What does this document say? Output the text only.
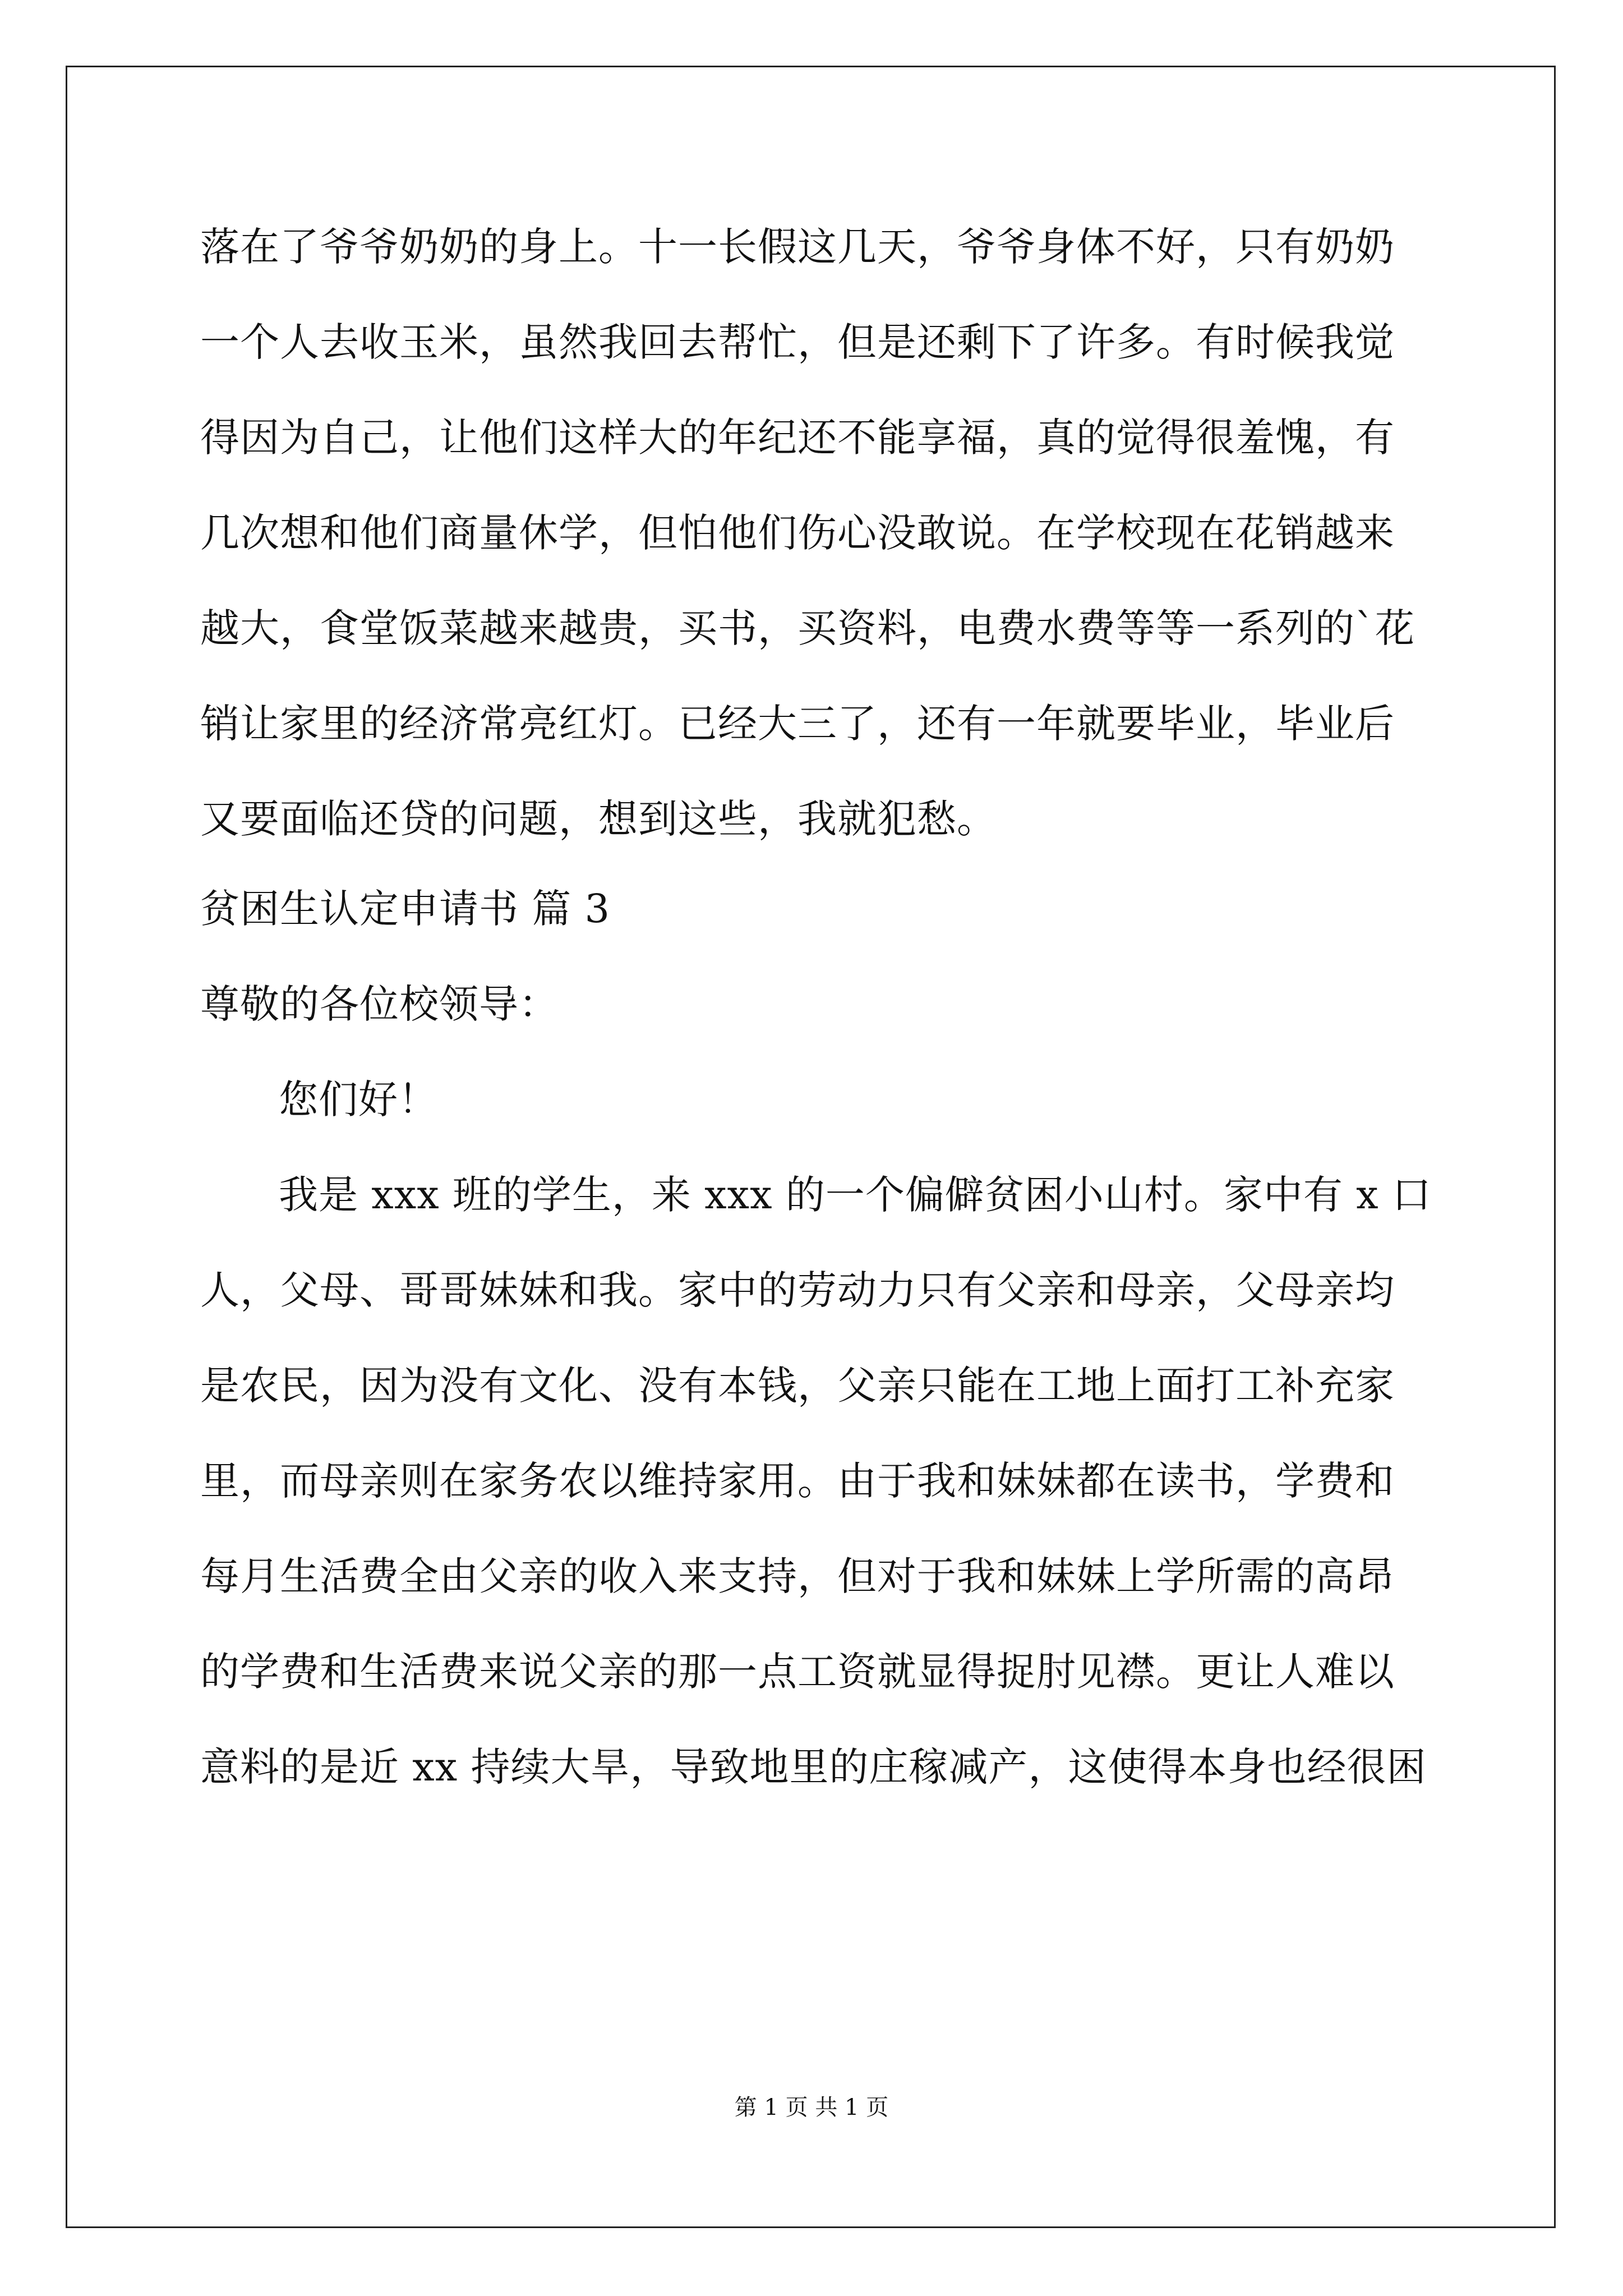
落在了爷爷奶奶的身上。十一长假这几天，爷爷身体不好，只有奶奶
一个人去收玉米，虽然我回去帮忙，但是还剩下了许多。有时候我觉
得因为自己，让他们这样大的年纪还不能享福，真的觉得很羞愧，有
几次想和他们商量休学，但怕他们伤心没敢说。在学校现在花销越来
越大，食堂饭菜越来越贵，买书，买资料，电费水费等等一系列的`花
销让家里的经济常亮红灯。已经大三了，还有一年就要毕业，毕业后
又要面临还贷的问题，想到这些，我就犯愁。
贫困生认定申请书 篇 3
尊敬的各位校领导：
您们好！
我是 xxx 班的学生，来 xxx 的一个偏僻贫困小山村。家中有 x 口
人，父母、哥哥妹妹和我。家中的劳动力只有父亲和母亲，父母亲均
是农民，因为没有文化、没有本钱，父亲只能在工地上面打工补充家
里，而母亲则在家务农以维持家用。由于我和妹妹都在读书，学费和
每月生活费全由父亲的收入来支持，但对于我和妹妹上学所需的高昂
的学费和生活费来说父亲的那一点工资就显得捉肘见襟。更让人难以
意料的是近 xx 持续大旱，导致地里的庄稼减产，这使得本身也经很困
第 1 页 共 1 页
